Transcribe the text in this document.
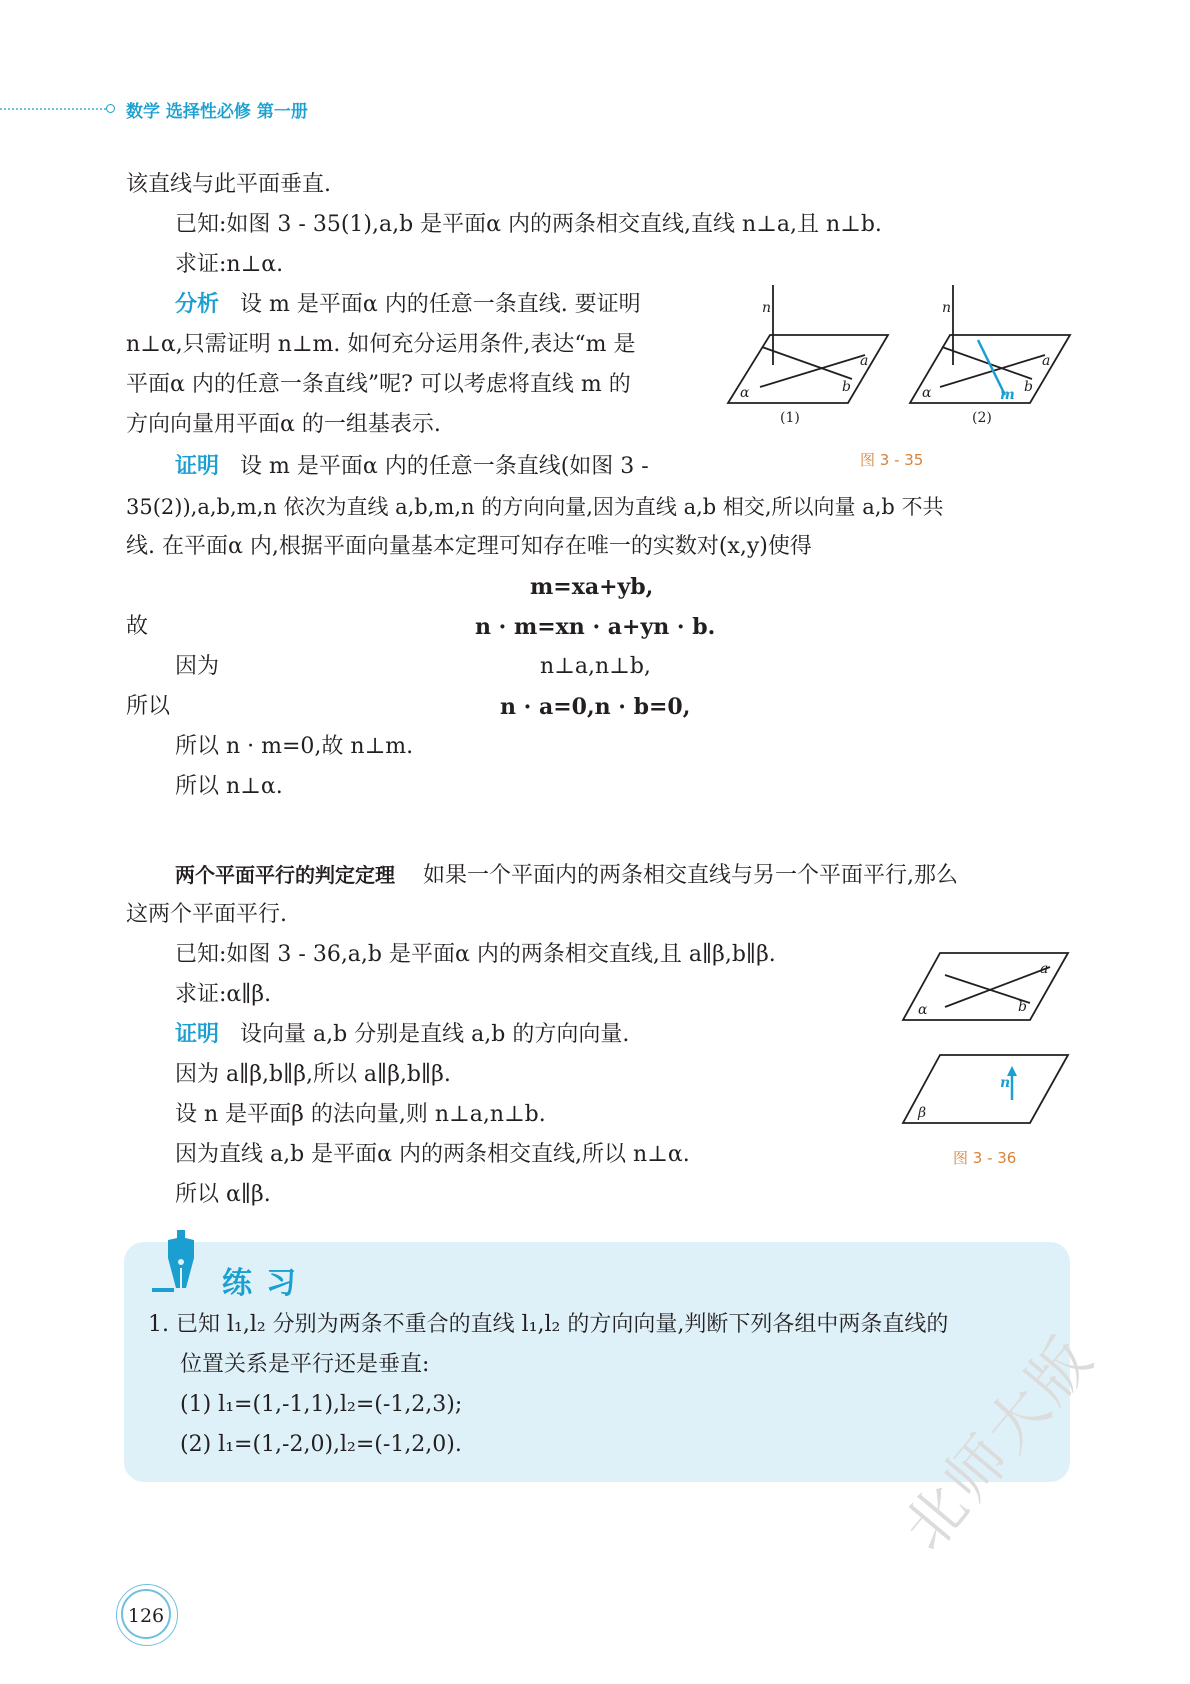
数学 选择性必修 第一册
该直线与此平面垂直.
已知:如图 3 - 35(1),a,b 是平面α 内的两条相交直线,直线 n⊥a,且 n⊥b.
求证:n⊥α.
分析 设 m 是平面α 内的任意一条直线. 要证明
n⊥α,只需证明 n⊥m. 如何充分运用条件,表达“m 是
平面α 内的任意一条直线”呢? 可以考虑将直线 m 的
方向向量用平面α 的一组基表示.
证明 设 m 是平面α 内的任意一条直线(如图 3 -
35(2)),a,b,m,n 依次为直线 a,b,m,n 的方向向量,因为直线 a,b 相交,所以向量 a,b 不共
线. 在平面α 内,根据平面向量基本定理可知存在唯一的实数对(x,y)使得
m=xa+yb,
故	n · m=xn · a+yn · b.
因为	n⊥a,n⊥b,
所以	n · a=0,n · b=0,
所以 n · m=0,故 n⊥m.
所以 n⊥α.
n
a
b
α
n
a
b
α	m
(1)	(2)
图 3 - 35
两个平面平行的判定定理 如果一个平面内的两条相交直线与另一个平面平行,那么
这两个平面平行.
已知:如图 3 - 36,a,b 是平面α 内的两条相交直线,且 a∥β,b∥β.
求证:α∥β.
证明 设向量 a,b 分别是直线 a,b 的方向向量.
因为 a∥β,b∥β,所以 a∥β,b∥β.
设 n 是平面β 的法向量,则 n⊥a,n⊥b.
因为直线 a,b 是平面α 内的两条相交直线,所以 n⊥α.
所以 α∥β.
a
b
α
β
n
图 3 - 36
练习
1. 已知 l₁,l₂ 分别为两条不重合的直线 l₁,l₂ 的方向向量,判断下列各组中两条直线的
位置关系是平行还是垂直:
(1) l₁=(1,-1,1),l₂=(-1,2,3);
(2) l₁=(1,-2,0),l₂=(-1,2,0).
126
北师大版
